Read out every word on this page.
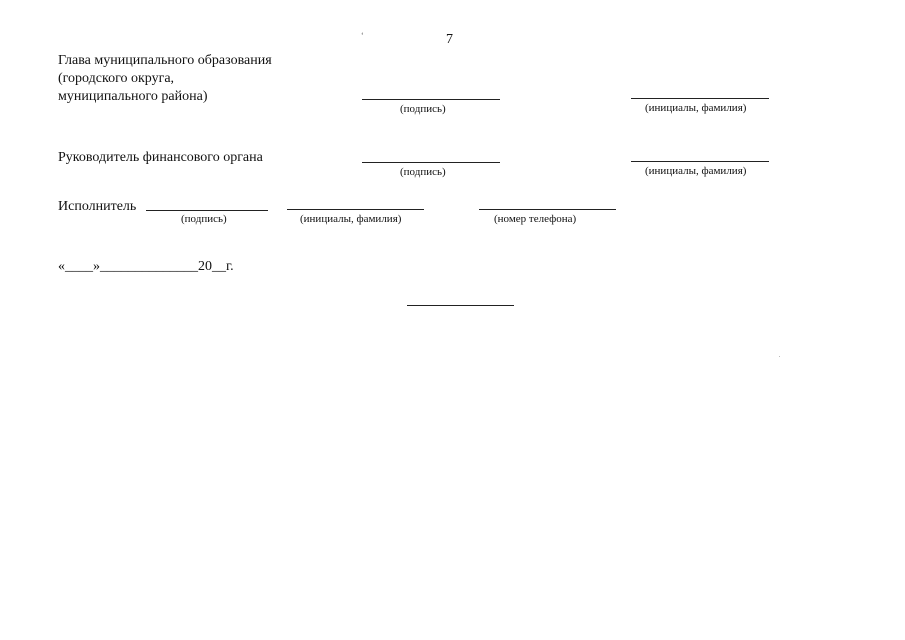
ʻ	7
Глава муниципального образования
(городского округа,
муниципального района)
(подпись)	(инициалы, фамилия)
Руководитель финансового органа
(подпись)	(инициалы, фамилия)
Исполнитель
(подпись)	(инициалы, фамилия)	(номер телефона)
«____»______________20__г.
